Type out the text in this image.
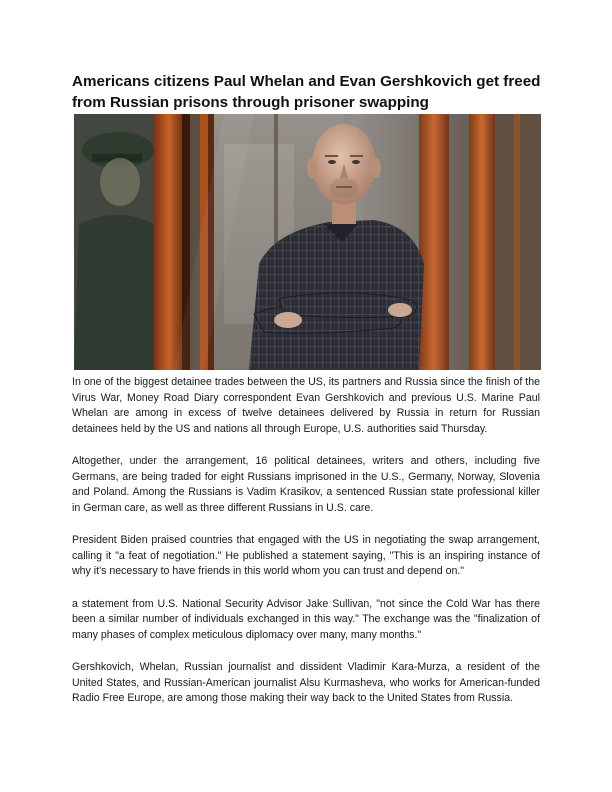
Americans citizens Paul Whelan and Evan Gershkovich get freed from Russian prisons through prisoner swapping

In one of the biggest detainee trades between the US, its partners and Russia since the finish of the Virus War, Money Road Diary correspondent Evan Gershkovich and previous U.S. Marine Paul Whelan are among in excess of twelve detainees delivered by Russia in return for Russian detainees held by the US and nations all through Europe, U.S. authorities said Thursday.

Altogether, under the arrangement, 16 political detainees, writers and others, including five Germans, are being traded for eight Russians imprisoned in the U.S., Germany, Norway, Slovenia and Poland. Among the Russians is Vadim Krasikov, a sentenced Russian state professional killer in German care, as well as three different Russians in U.S. care.

President Biden praised countries that engaged with the US in negotiating the swap arrangement, calling it "a feat of negotiation." He published a statement saying, "This is an inspiring instance of why it's necessary to have friends in this world whom you can trust and depend on."

a statement from U.S. National Security Advisor Jake Sullivan, "not since the Cold War has there been a similar number of individuals exchanged in this way." The exchange was the "finalization of many phases of complex meticulous diplomacy over many, many months."

Gershkovich, Whelan, Russian journalist and dissident Vladimir Kara-Murza, a resident of the United States, and Russian-American journalist Alsu Kurmasheva, who works for American-funded Radio Free Europe, are among those making their way back to the United States from Russia.
